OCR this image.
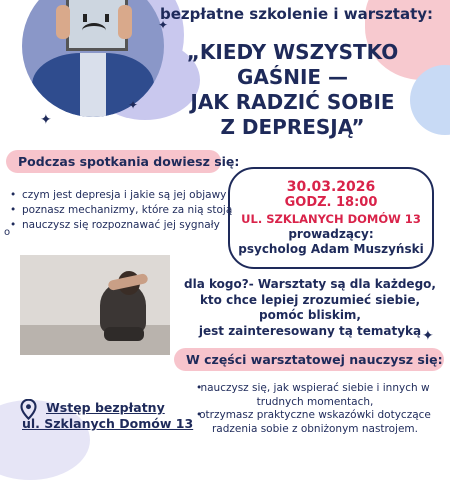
✦
✦
✦
✦
bezpłatne szkolenie i warsztaty:
„KIEDY WSZYSTKO
GAŚNIE —
JAK RADZIĆ SOBIE
Z DEPRESJĄ”
Podczas spotkania dowiesz się:
• czym jest depresja i jakie są jej objawy
• poznasz mechanizmy, które za nią stoją
• nauczysz się rozpoznawać jej sygnały
o
30.03.2026
GODZ. 18:00
UL. SZKLANYCH DOMÓW 13
prowadzący:
psycholog Adam Muszyński
dla kogo?- Warsztaty są dla każdego,
kto chce lepiej zrozumieć siebie,
pomóc bliskim,
jest zainteresowany tą tematyką
W części warsztatowej nauczysz się:
• nauczysz się, jak wspierać siebie i innych w trudnych momentach,
• otrzymasz praktyczne wskazówki dotyczące radzenia sobie z obniżonym nastrojem.
Wstęp bezpłatny
ul. Szklanych Domów 13
